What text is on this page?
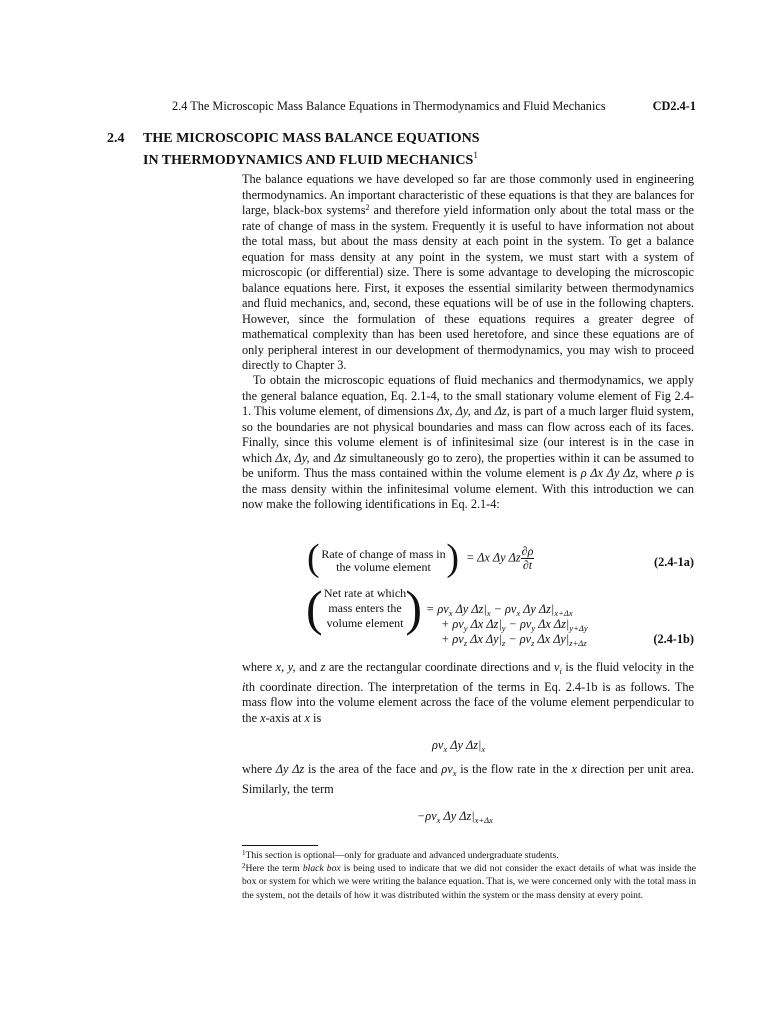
2.4 The Microscopic Mass Balance Equations in Thermodynamics and Fluid Mechanics	CD2.4-1
2.4 THE MICROSCOPIC MASS BALANCE EQUATIONS
IN THERMODYNAMICS AND FLUID MECHANICS$^1$

The balance equations we have developed so far are those commonly used in engineering thermodynamics. An important characteristic of these equations is that they are balances for large, black-box systems$^2$ and therefore yield information only about the total mass or the rate of change of mass in the system. Frequently it is useful to have information not about the total mass, but about the mass density at each point in the system. To get a balance equation for mass density at any point in the system, we must start with a system of microscopic (or differential) size. There is some advantage to developing the microscopic balance equations here. First, it exposes the essential similarity between thermodynamics and fluid mechanics, and, second, these equations will be of use in the following chapters. However, since the formulation of these equations requires a greater degree of mathematical complexity than has been used heretofore, and since these equations are of only peripheral interest in our development of thermodynamics, you may wish to proceed directly to Chapter 3.

To obtain the microscopic equations of fluid mechanics and thermodynamics, we apply the general balance equation, Eq. 2.1-4, to the small stationary volume element of Fig 2.4-1. This volume element, of dimensions Δx, Δy, and Δz, is part of a much larger fluid system, so the boundaries are not physical boundaries and mass can flow across each of its faces. Finally, since this volume element is of infinitesimal size (our interest is in the case in which Δx, Δy, and Δz simultaneously go to zero), the properties within it can be assumed to be uniform. Thus the mass contained within the volume element is ρ Δx Δy Δz, where ρ is the mass density within the infinitesimal volume element. With this introduction we can now make the following identifications in Eq. 2.1-4:

( Rate of change of mass in
the volume element ) = Δx Δy Δz $\frac{\partial\rho}{\partial t}$	(2.4-1a)
( Net rate at which
mass enters the
volume element ) = $\rho v_x$ Δy $\Delta z|_x - \rho v_x$ Δy $\Delta z|_{x+\Delta x}$
+ $\rho v_y$ Δx $\Delta z|_y - \rho v_y$ Δx $\Delta z|_{y+\Delta y}$
+ $\rho v_z$ Δx $\Delta y|_z - \rho v_z$ Δx $\Delta y|_{z+\Delta z}$	(2.4-1b)

where x, y, and z are the rectangular coordinate directions and $v_i$ is the fluid velocity in the ith coordinate direction. The interpretation of the terms in Eq. 2.4-1b is as follows. The mass flow into the volume element across the face of the volume element perpendicular to the x-axis at x is

$\rho v_x$ Δy $\Delta z|_x$

where Δy Δz is the area of the face and $\rho v_x$ is the flow rate in the x direction per unit area. Similarly, the term

$-\rho v_x$ Δy $\Delta z|_{x+\Delta x}$

$^1$This section is optional—only for graduate and advanced undergraduate students.

$^2$Here the term black box is being used to indicate that we did not consider the exact details of what was inside the box or system for which we were writing the balance equation. That is, we were concerned only with the total mass in the system, not the details of how it was distributed within the system or the mass density at every point.
